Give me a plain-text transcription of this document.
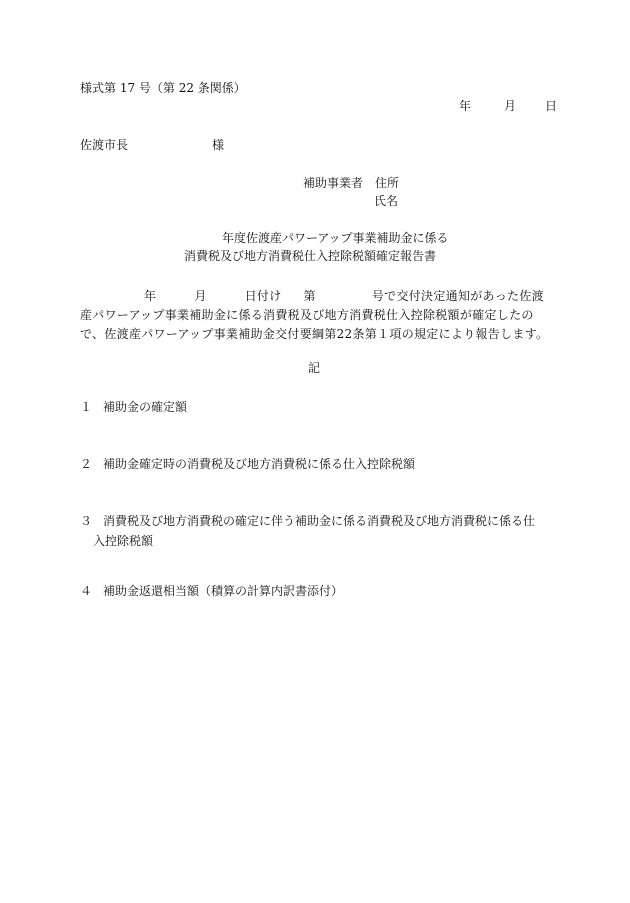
様式第 17 号（第 22 条関係）
年	月 日
佐渡市長	様
補助事業者 住所
氏名
年度佐渡産パワーアップ事業補助金に係る
消費税及び地方消費税仕入控除税額確定報告書
年	月	日付け 第	号で交付決定通知があった佐渡産パワーアップ事業補助金に係る消費税及び地方消費税仕入控除税額が確定したので、佐渡産パワーアップ事業補助金交付要綱第22条第１項の規定により報告します。
記
１ 補助金の確定額
２ 補助金確定時の消費税及び地方消費税に係る仕入控除税額
３ 消費税及び地方消費税の確定に伴う補助金に係る消費税及び地方消費税に係る仕
入控除税額
４ 補助金返還相当額（積算の計算内訳書添付）
